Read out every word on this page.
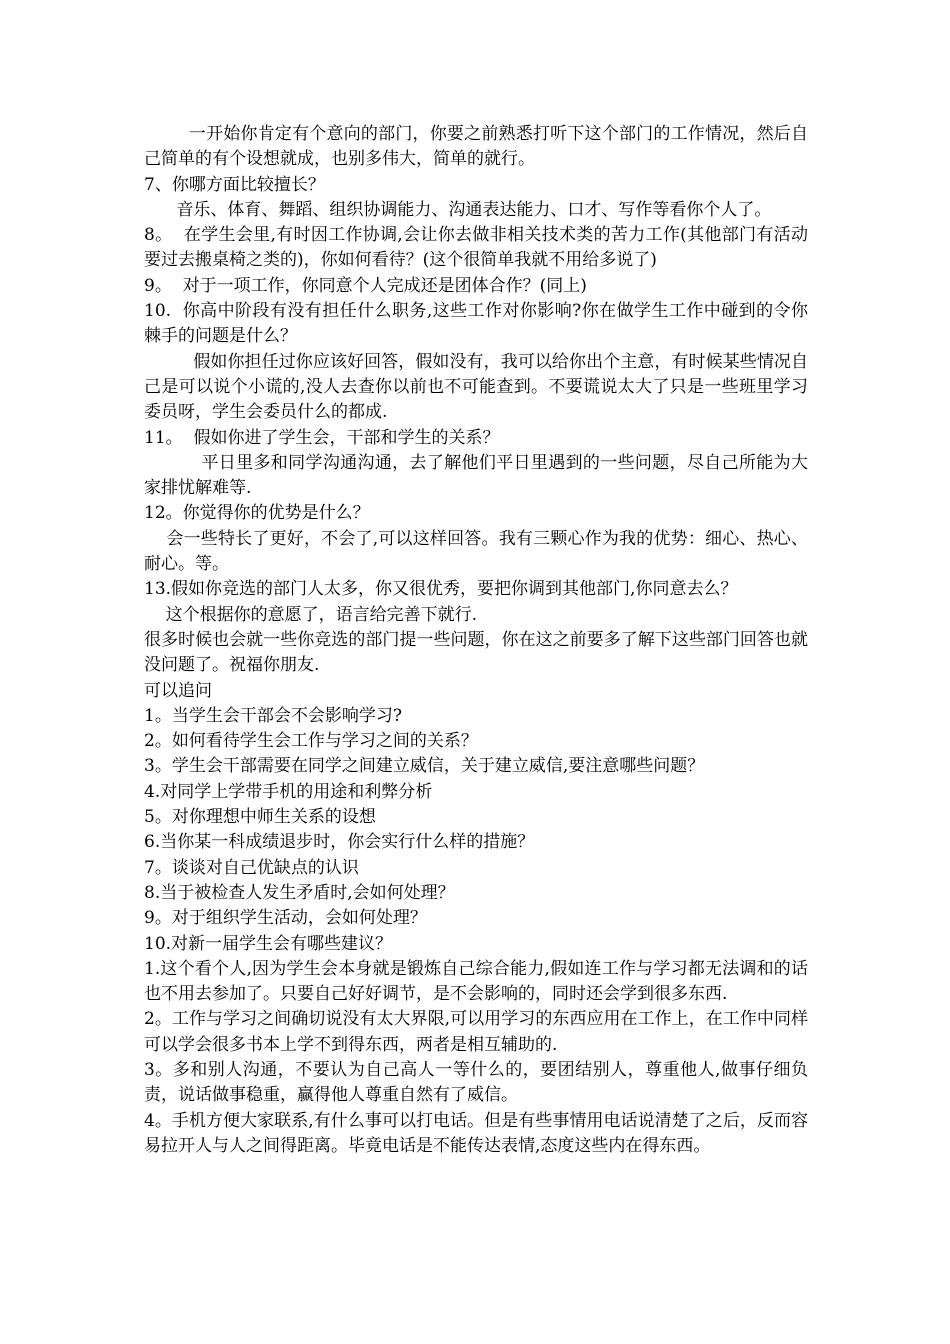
一开始你肯定有个意向的部门，你要之前熟悉打听下这个部门的工作情况，然后自己简单的有个设想就成，也别多伟大，简单的就行。

7、你哪方面比较擅长？

音乐、体育、舞蹈、组织协调能力、沟通表达能力、口才、写作等看你个人了。

8。  在学生会里,有时因工作协调,会让你去做非相关技术类的苦力工作(其他部门有活动要过去搬桌椅之类的)，你如何看待？(这个很简单我就不用给多说了)

9。  对于一项工作，你同意个人完成还是团体合作？(同上)

10.  你高中阶段有没有担任什么职务,这些工作对你影响?你在做学生工作中碰到的令你棘手的问题是什么？

假如你担任过你应该好回答，假如没有，我可以给你出个主意，有时候某些情况自己是可以说个小谎的,没人去查你以前也不可能查到。不要谎说太大了只是一些班里学习委员呀，学生会委员什么的都成.

11。  假如你进了学生会，干部和学生的关系？

平日里多和同学沟通沟通，去了解他们平日里遇到的一些问题，尽自己所能为大家排忧解难等.

12。你觉得你的优势是什么？

会一些特长了更好，不会了,可以这样回答。我有三颗心作为我的优势：细心、热心、耐心。等。

13.假如你竞选的部门人太多，你又很优秀，要把你调到其他部门,你同意去么？

这个根据你的意愿了，语言给完善下就行.

很多时候也会就一些你竞选的部门提一些问题，你在这之前要多了解下这些部门回答也就没问题了。祝福你朋友.

可以追问

1。当学生会干部会不会影响学习?

2。如何看待学生会工作与学习之间的关系？

3。学生会干部需要在同学之间建立威信，关于建立威信,要注意哪些问题？

4.对同学上学带手机的用途和利弊分析

5。对你理想中师生关系的设想

6.当你某一科成绩退步时，你会实行什么样的措施？

7。谈谈对自己优缺点的认识

8.当于被检查人发生矛盾时,会如何处理？

9。对于组织学生活动，会如何处理？

10.对新一届学生会有哪些建议？

1.这个看个人,因为学生会本身就是锻炼自己综合能力,假如连工作与学习都无法调和的话也不用去参加了。只要自己好好调节，是不会影响的，同时还会学到很多东西.

2。工作与学习之间确切说没有太大界限,可以用学习的东西应用在工作上，在工作中同样可以学会很多书本上学不到得东西，两者是相互辅助的.

3。多和别人沟通，不要认为自己高人一等什么的，要团结别人，尊重他人,做事仔细负责，说话做事稳重，赢得他人尊重自然有了威信。

4。手机方便大家联系,有什么事可以打电话。但是有些事情用电话说清楚了之后，反而容易拉开人与人之间得距离。毕竟电话是不能传达表情,态度这些内在得东西。
